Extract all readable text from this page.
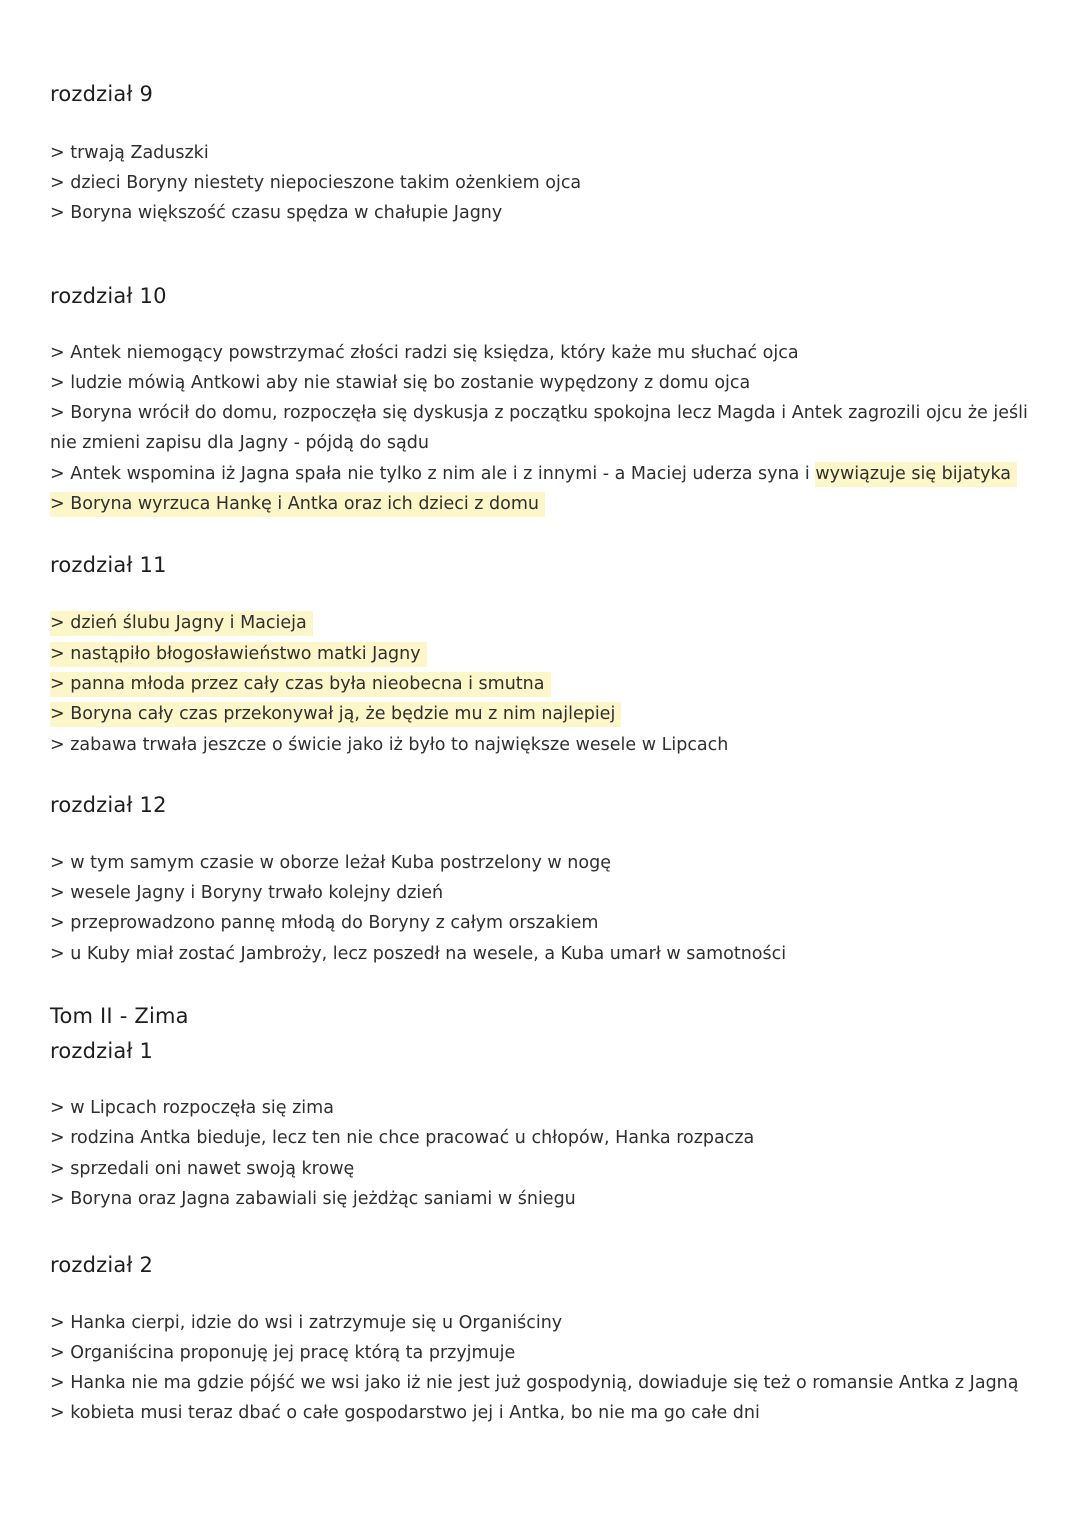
rozdział 9
> trwają Zaduszki
> dzieci Boryny niestety niepocieszone takim ożenkiem ojca
> Boryna większość czasu spędza w chałupie Jagny
rozdział 10
> Antek niemogący powstrzymać złości radzi się księdza, który każe mu słuchać ojca
> ludzie mówią Antkowi aby nie stawiał się bo zostanie wypędzony z domu ojca
> Boryna wrócił do domu, rozpoczęła się dyskusja z początku spokojna lecz Magda i Antek zagrozili ojcu że jeśli nie zmieni zapisu dla Jagny - pójdą do sądu
> Antek wspomina iż Jagna spała nie tylko z nim ale i z innymi - a Maciej uderza syna i wywiązuje się bijatyka
> Boryna wyrzuca Hankę i Antka oraz ich dzieci z domu
rozdział 11
> dzień ślubu Jagny i Macieja
> nastąpiło błogosławieństwo matki Jagny
> panna młoda przez cały czas była nieobecna i smutna
> Boryna cały czas przekonywał ją, że będzie mu z nim najlepiej
> zabawa trwała jeszcze o świcie jako iż było to największe wesele w Lipcach
rozdział 12
> w tym samym czasie w oborze leżał Kuba postrzelony w nogę
> wesele Jagny i Boryny trwało kolejny dzień
> przeprowadzono pannę młodą do Boryny z całym orszakiem
> u Kuby miał zostać Jambroży, lecz poszedł na wesele, a Kuba umarł w samotności
Tom II - Zima
rozdział 1
> w Lipcach rozpoczęła się zima
> rodzina Antka bieduje, lecz ten nie chce pracować u chłopów, Hanka rozpacza
> sprzedali oni nawet swoją krowę
> Boryna oraz Jagna zabawiali się jeżdżąc saniami w śniegu
rozdział 2
> Hanka cierpi, idzie do wsi i zatrzymuje się u Organiściny
> Organiścina proponuję jej pracę którą ta przyjmuje
> Hanka nie ma gdzie pójść we wsi jako iż nie jest już gospodynią, dowiaduje się też o romansie Antka z Jagną
> kobieta musi teraz dbać o całe gospodarstwo jej i Antka, bo nie ma go całe dni
